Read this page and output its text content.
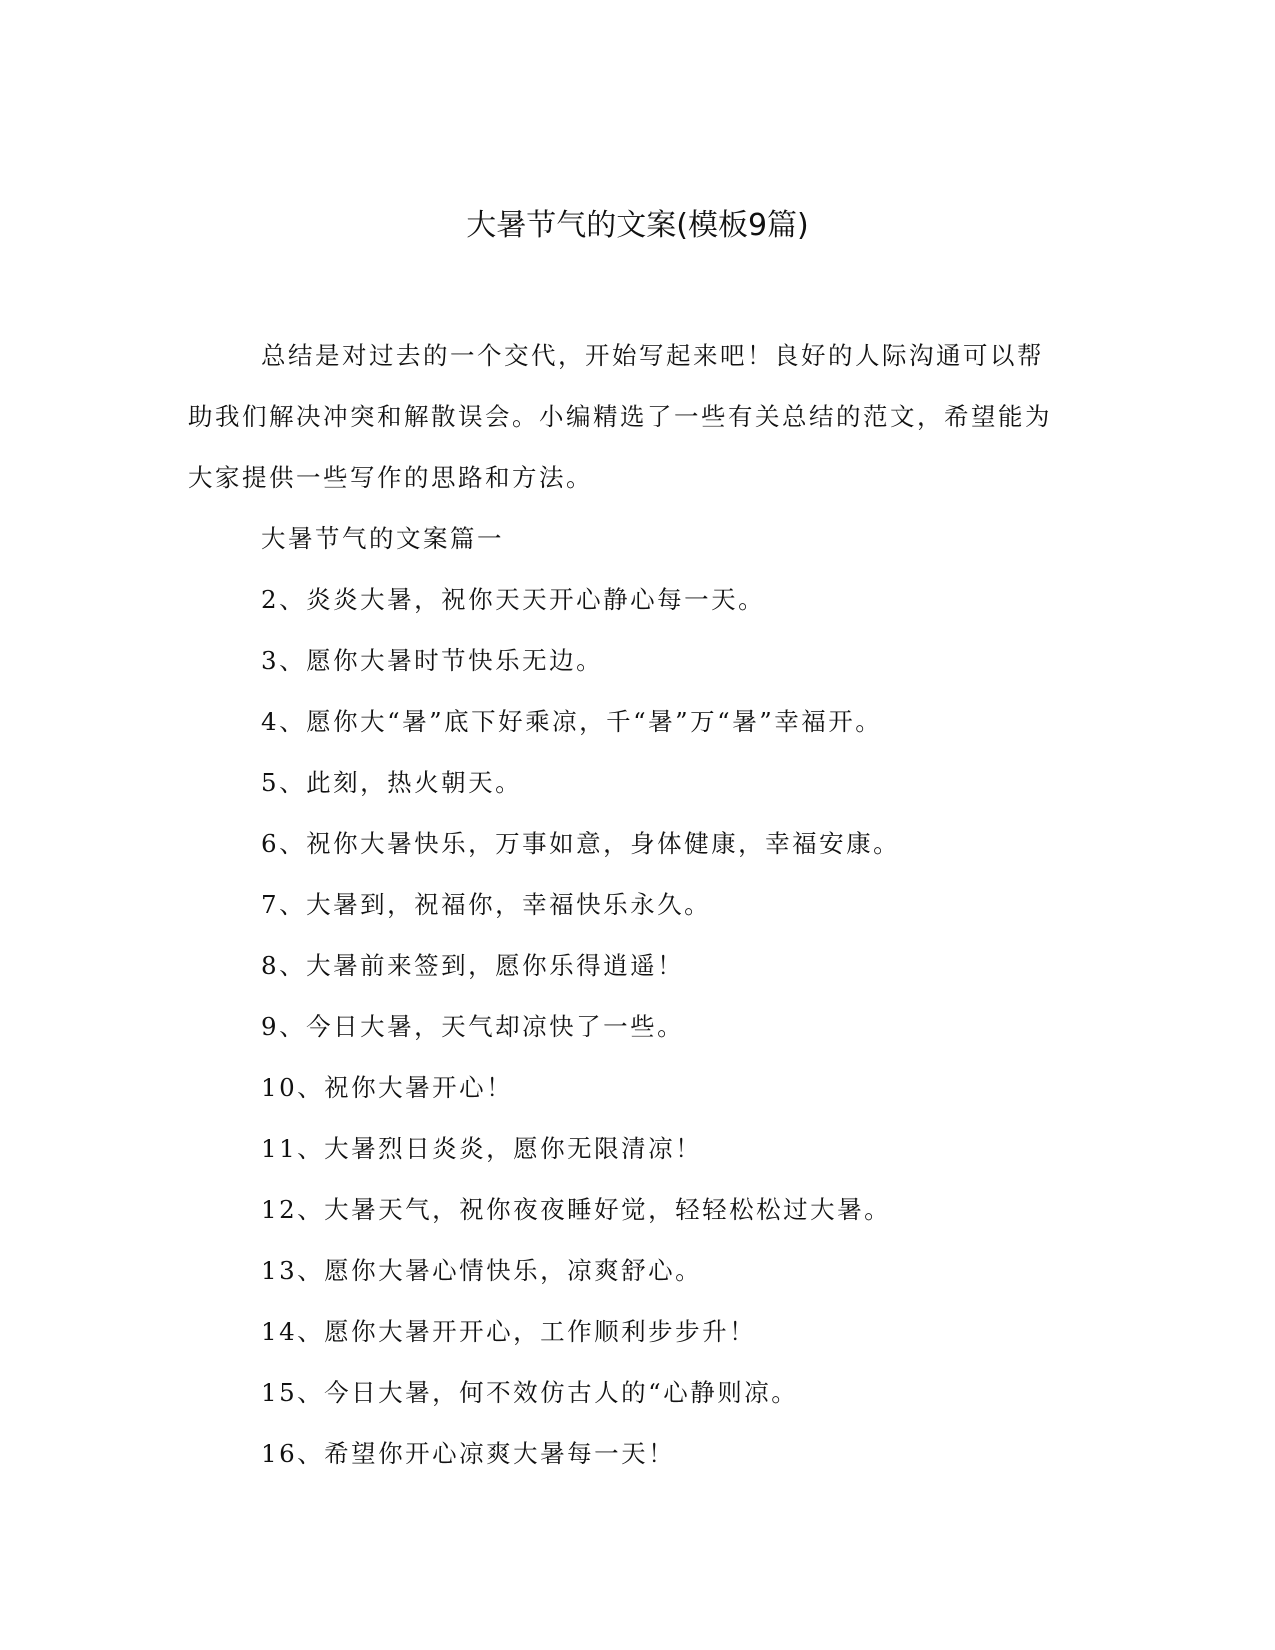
大暑节气的文案(模板9篇)

总结是对过去的一个交代，开始写起来吧！良好的人际沟通可以帮助我们解决冲突和解散误会。小编精选了一些有关总结的范文，希望能为大家提供一些写作的思路和方法。

大暑节气的文案篇一
2、炎炎大暑，祝你天天开心静心每一天。
3、愿你大暑时节快乐无边。
4、愿你大“暑”底下好乘凉，千“暑”万“暑”幸福开。
5、此刻，热火朝天。
6、祝你大暑快乐，万事如意，身体健康，幸福安康。
7、大暑到，祝福你，幸福快乐永久。
8、大暑前来签到，愿你乐得逍遥！
9、今日大暑，天气却凉快了一些。
10、祝你大暑开心！
11、大暑烈日炎炎，愿你无限清凉！
12、大暑天气，祝你夜夜睡好觉，轻轻松松过大暑。
13、愿你大暑心情快乐，凉爽舒心。
14、愿你大暑开开心，工作顺利步步升！
15、今日大暑，何不效仿古人的“心静则凉。
16、希望你开心凉爽大暑每一天！
